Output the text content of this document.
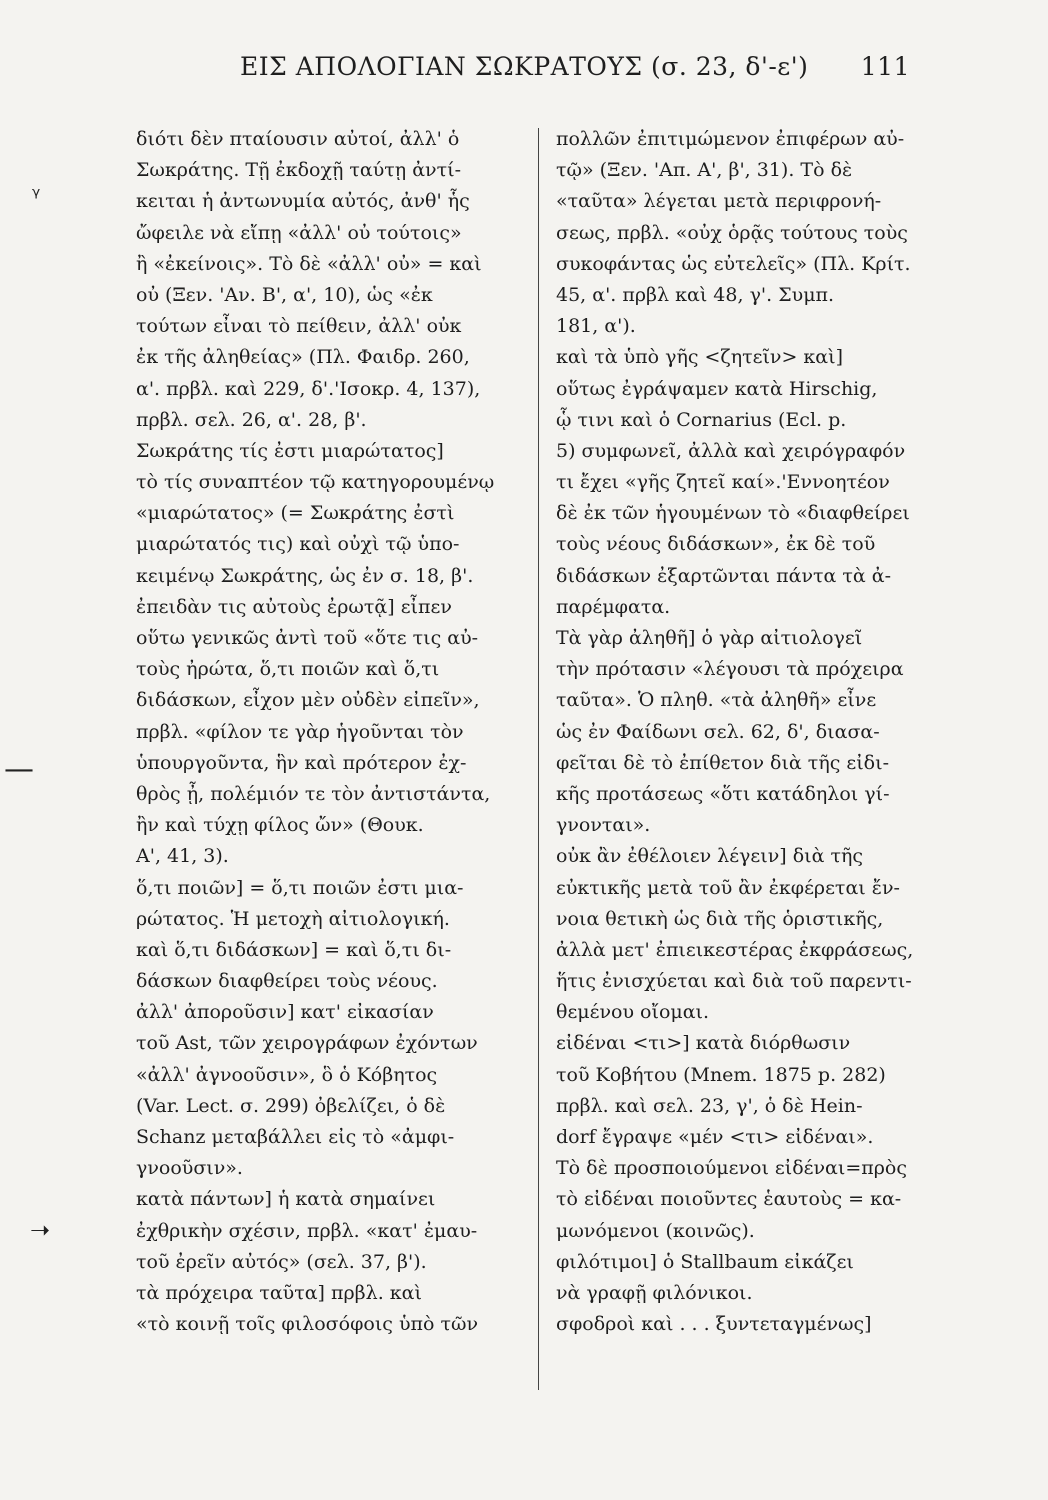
ΕΙΣ ΑΠΟΛΟΓΙΑΝ ΣΩΚΡΑΤΟΥΣ (σ. 23, δ'-ε') 111
διότι δὲν πταίουσιν αὐτοί, ἀλλ' ὁ
Σωκράτης. Τῇ ἐκδοχῇ ταύτῃ ἀντί-
κειται ἡ ἀντωνυμία αὐτός, ἀνθ' ἧς
ὤφειλε νὰ εἴπῃ «ἀλλ' οὐ τούτοις»
ἢ «ἐκείνοις». Τὸ δὲ «ἀλλ' οὐ» = καὶ
οὐ (Ξεν. 'Αν. Β', α', 10), ὡς «ἐκ
τούτων εἶναι τὸ πείθειν, ἀλλ' οὐκ
ἐκ τῆς ἀληθείας» (Πλ. Φαιδρ. 260,
α'. πρβλ. καὶ 229, δ'.'Ισοκρ. 4, 137),
πρβλ. σελ. 26, α'. 28, β'.
Σωκράτης τίς ἐστι μιαρώτατος]
τὸ τίς συναπτέον τῷ κατηγορουμένῳ
«μιαρώτατος» (= Σωκράτης ἐστὶ
μιαρώτατός τις) καὶ οὐχὶ τῷ ὑπο-
κειμένῳ Σωκράτης, ὡς ἐν σ. 18, β'.
ἐπειδὰν τις αὐτοὺς ἐρωτᾷ] εἶπεν
οὕτω γενικῶς ἀντὶ τοῦ «ὅτε τις αὐ-
τοὺς ἠρώτα, ὅ,τι ποιῶν καὶ ὅ,τι
διδάσκων, εἶχον μὲν οὐδὲν εἰπεῖν»,
πρβλ. «φίλον τε γὰρ ἡγοῦνται τὸν
ὑπουργοῦντα, ἣν καὶ πρότερον ἐχ-
θρὸς ᾖ, πολέμιόν τε τὸν ἀντιστάντα,
ἢν καὶ τύχῃ φίλος ὤν» (Θουκ.
Α', 41, 3).
ὅ,τι ποιῶν] = ὅ,τι ποιῶν ἐστι μια-
ρώτατος. Ἡ μετοχὴ αἰτιολογική.
καὶ ὅ,τι διδάσκων] = καὶ ὅ,τι δι-
δάσκων διαφθείρει τοὺς νέους.
ἀλλ' ἀποροῦσιν] κατ' εἰκασίαν
τοῦ Ast, τῶν χειρογράφων ἐχόντων
«ἀλλ' ἀγνοοῦσιν», ὃ ὁ Κόβητος
(Var. Lect. σ. 299) ὀβελίζει, ὁ δὲ
Schanz μεταβάλλει εἰς τὸ «ἀμφι-
γνοοῦσιν».
κατὰ πάντων] ἡ κατὰ σημαίνει
ἐχθρικὴν σχέσιν, πρβλ. «κατ' ἐμαυ-
τοῦ ἐρεῖν αὐτός» (σελ. 37, β').
τὰ πρόχειρα ταῦτα] πρβλ. καὶ
«τὸ κοινῇ τοῖς φιλοσόφοις ὑπὸ τῶν
πολλῶν ἐπιτιμώμενον ἐπιφέρων αὐ-
τῷ» (Ξεν. 'Απ. Α', β', 31). Τὸ δὲ
«ταῦτα» λέγεται μετὰ περιφρονή-
σεως, πρβλ. «οὐχ ὁρᾷς τούτους τοὺς
συκοφάντας ὡς εὐτελεῖς» (Πλ. Κρίτ.
45, α'. πρβλ καὶ 48, γ'. Συμπ.
181, α').
καὶ τὰ ὑπὸ γῆς <ζητεῖν> καὶ]
οὕτως ἐγράψαμεν κατὰ Hirschig,
ᾧ τινι καὶ ὁ Cornarius (Ecl. p.
5) συμφωνεῖ, ἀλλὰ καὶ χειρόγραφόν
τι ἔχει «γῆς ζητεῖ καί».'Εννοητέον
δὲ ἐκ τῶν ἡγουμένων τὸ «διαφθείρει
τοὺς νέους διδάσκων», ἐκ δὲ τοῦ
διδάσκων ἐξαρτῶνται πάντα τὰ ἀ-
παρέμφατα.
Τὰ γὰρ ἀληθῆ] ὁ γὰρ αἰτιολογεῖ
τὴν πρότασιν «λέγουσι τὰ πρόχειρα
ταῦτα». Ὁ πληθ. «τὰ ἀληθῆ» εἶνε
ὡς ἐν Φαίδωνι σελ. 62, δ', διασα-
φεῖται δὲ τὸ ἐπίθετον διὰ τῆς εἰδι-
κῆς προτάσεως «ὅτι κατάδηλοι γί-
γνονται».
οὐκ ἂν ἐθέλοιεν λέγειν] διὰ τῆς
εὐκτικῆς μετὰ τοῦ ἂν ἐκφέρεται ἔν-
νοια θετικὴ ὡς διὰ τῆς ὁριστικῆς,
ἀλλὰ μετ' ἐπιεικεστέρας ἐκφράσεως,
ἥτις ἐνισχύεται καὶ διὰ τοῦ παρεντι-
θεμένου οἴομαι.
εἰδέναι <τι>] κατὰ διόρθωσιν
τοῦ Κοβήτου (Mnem. 1875 p. 282)
πρβλ. καὶ σελ. 23, γ', ὁ δὲ Hein-
dorf ἔγραψε «μέν <τι> εἰδέναι».
Τὸ δὲ προσποιούμενοι εἰδέναι=πρὸς
τὸ εἰδέναι ποιοῦντες ἑαυτοὺς = κα-
μωνόμενοι (κοινῶς).
φιλότιμοι] ὁ Stallbaum εἰκάζει
νὰ γραφῇ φιλόνικοι.
σφοδροὶ καὶ . . . ξυντεταγμένως]
ᵞ
—
➝
